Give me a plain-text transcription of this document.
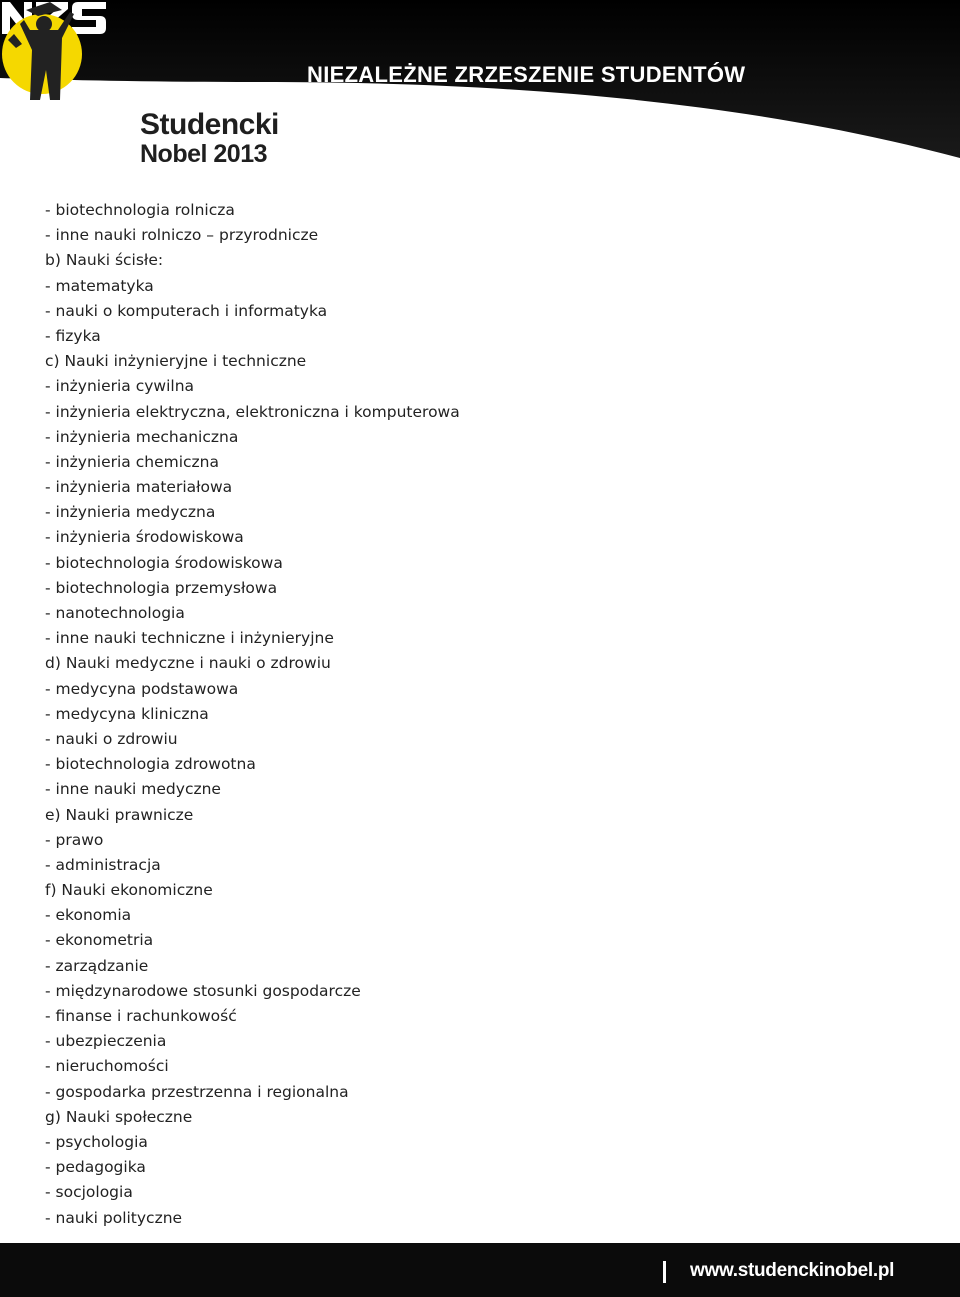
NIEZALEŻNE ZRZESZENIE STUDENTÓW
Studencki
Nobel 2013
- biotechnologia rolnicza
- inne nauki rolniczo – przyrodnicze
b) Nauki ścisłe:
- matematyka
- nauki o komputerach i informatyka
- fizyka
c) Nauki inżynieryjne i techniczne
- inżynieria cywilna
- inżynieria elektryczna, elektroniczna i komputerowa
- inżynieria mechaniczna
- inżynieria chemiczna
- inżynieria materiałowa
- inżynieria medyczna
- inżynieria środowiskowa
- biotechnologia środowiskowa
- biotechnologia przemysłowa
- nanotechnologia
- inne nauki techniczne i inżynieryjne
d) Nauki medyczne i nauki o zdrowiu
- medycyna podstawowa
- medycyna kliniczna
- nauki o zdrowiu
- biotechnologia zdrowotna
- inne nauki medyczne
e) Nauki prawnicze
- prawo
- administracja
f) Nauki ekonomiczne
- ekonomia
- ekonometria
- zarządzanie
- międzynarodowe stosunki gospodarcze
- finanse i rachunkowość
- ubezpieczenia
- nieruchomości
- gospodarka przestrzenna i regionalna
g) Nauki społeczne
- psychologia
- pedagogika
- socjologia
- nauki polityczne
www.studenckinobel.pl
